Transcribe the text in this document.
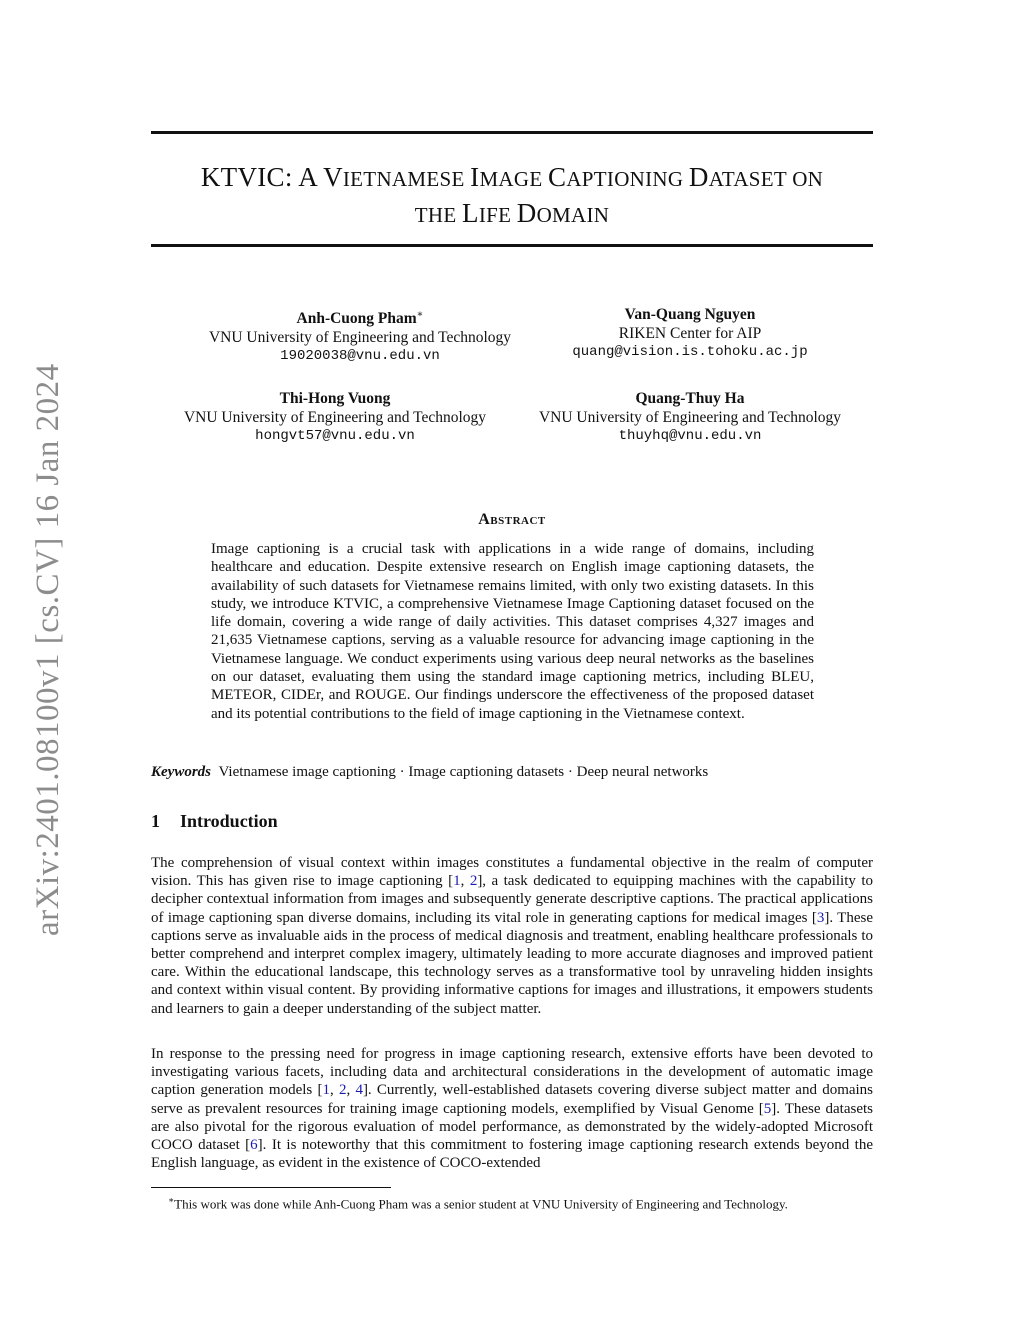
arXiv:2401.08100v1 [cs.CV] 16 Jan 2024
KTVIC: A VIETNAMESE IMAGE CAPTIONING DATASET ON
THE LIFE DOMAIN
Anh-Cuong Pham∗
VNU University of Engineering and Technology
19020038@vnu.edu.vn
Van-Quang Nguyen
RIKEN Center for AIP
quang@vision.is.tohoku.ac.jp
Thi-Hong Vuong
VNU University of Engineering and Technology
hongvt57@vnu.edu.vn
Quang-Thuy Ha
VNU University of Engineering and Technology
thuyhq@vnu.edu.vn
Abstract
Image captioning is a crucial task with applications in a wide range of domains, including healthcare and education. Despite extensive research on English image captioning datasets, the availability of such datasets for Vietnamese remains limited, with only two existing datasets. In this study, we introduce KTVIC, a comprehensive Vietnamese Image Captioning dataset focused on the life domain, covering a wide range of daily activities. This dataset comprises 4,327 images and 21,635 Vietnamese captions, serving as a valuable resource for advancing image captioning in the Vietnamese language. We conduct experiments using various deep neural networks as the baselines on our dataset, evaluating them using the standard image captioning metrics, including BLEU, METEOR, CIDEr, and ROUGE. Our findings underscore the effectiveness of the proposed dataset and its potential contributions to the field of image captioning in the Vietnamese context.
Keywords Vietnamese image captioning · Image captioning datasets · Deep neural networks
1 Introduction
The comprehension of visual context within images constitutes a fundamental objective in the realm of computer vision. This has given rise to image captioning [1, 2], a task dedicated to equipping machines with the capability to decipher contextual information from images and subsequently generate descriptive captions. The practical applications of image captioning span diverse domains, including its vital role in generating captions for medical images [3]. These captions serve as invaluable aids in the process of medical diagnosis and treatment, enabling healthcare professionals to better comprehend and interpret complex imagery, ultimately leading to more accurate diagnoses and improved patient care. Within the educational landscape, this technology serves as a transformative tool by unraveling hidden insights and context within visual content. By providing informative captions for images and illustrations, it empowers students and learners to gain a deeper understanding of the subject matter.
In response to the pressing need for progress in image captioning research, extensive efforts have been devoted to investigating various facets, including data and architectural considerations in the development of automatic image caption generation models [1, 2, 4]. Currently, well-established datasets covering diverse subject matter and domains serve as prevalent resources for training image captioning models, exemplified by Visual Genome [5]. These datasets are also pivotal for the rigorous evaluation of model performance, as demonstrated by the widely-adopted Microsoft COCO dataset [6]. It is noteworthy that this commitment to fostering image captioning research extends beyond the English language, as evident in the existence of COCO-extended
∗This work was done while Anh-Cuong Pham was a senior student at VNU University of Engineering and Technology.
